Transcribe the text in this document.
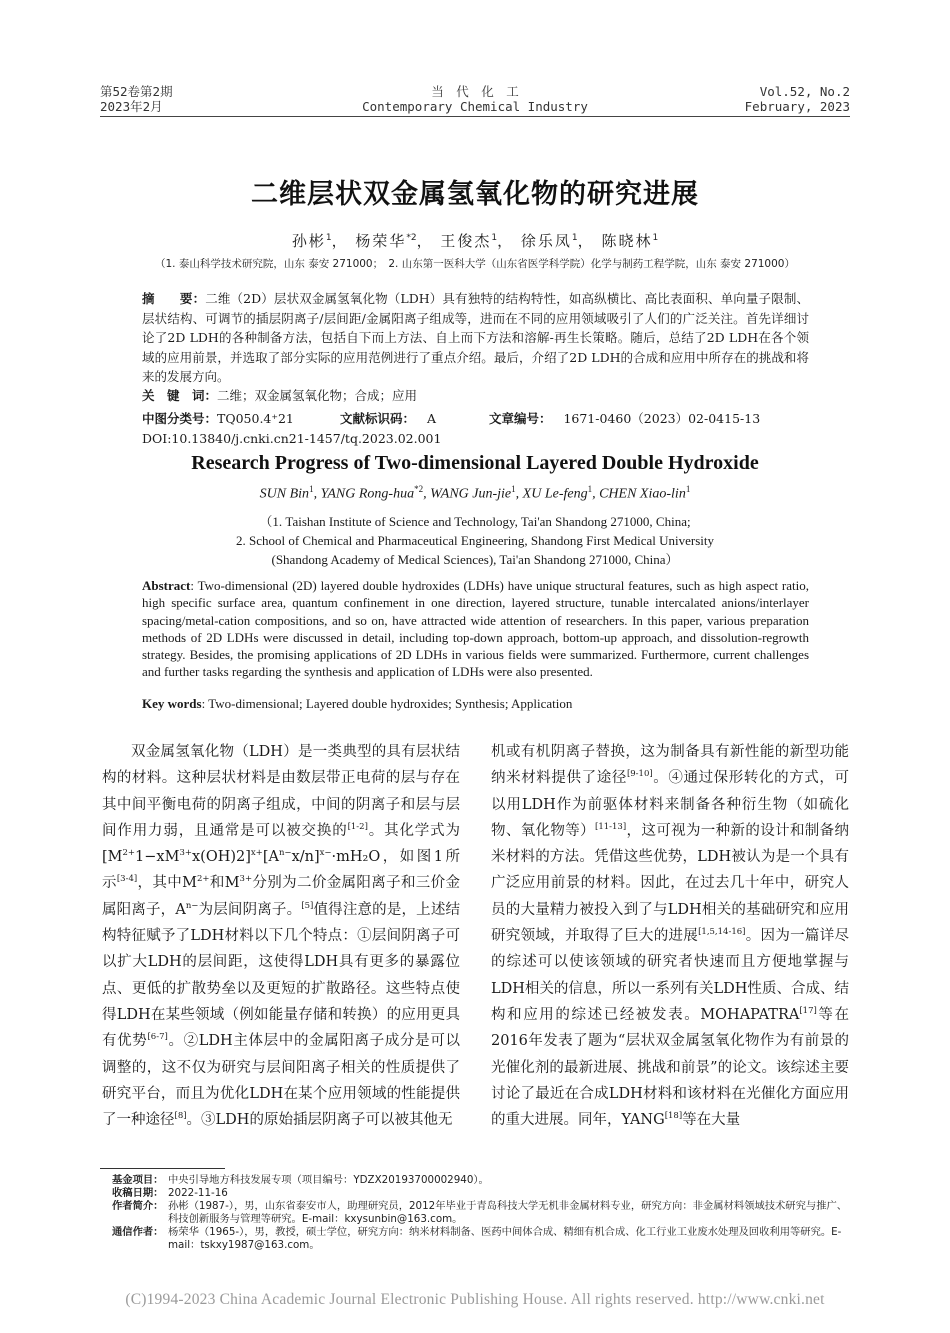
第52卷第2期
2023年2月
当　代　化　工
Contemporary Chemical Industry
Vol.52, No.2
February, 2023
二维层状双金属氢氧化物的研究进展
孙彬$^1$， 杨荣华$^{*2}$， 王俊杰$^1$， 徐乐凤$^1$， 陈晓林$^1$
（1. 泰山科学技术研究院，山东 泰安 271000；　2. 山东第一医科大学（山东省医学科学院）化学与制药工程学院，山东 泰安 271000）
摘　　要：二维（2D）层状双金属氢氧化物（LDH）具有独特的结构特性，如高纵横比、高比表面积、单向量子限制、层状结构、可调节的插层阴离子/层间距/金属阳离子组成等，进而在不同的应用领域吸引了人们的广泛关注。首先详细讨论了2D LDH的各种制备方法，包括自下而上方法、自上而下方法和溶解-再生长策略。随后，总结了2D LDH在各个领域的应用前景，并选取了部分实际的应用范例进行了重点介绍。最后，介绍了2D LDH的合成和应用中所存在的挑战和将来的发展方向。
关　键　词：二维；双金属氢氧化物；合成；应用
中图分类号：TQ050.4⁺21	文献标识码： A	文章编号： 1671-0460（2023）02-0415-13
DOI:10.13840/j.cnki.cn21-1457/tq.2023.02.001
Research Progress of Two-dimensional Layered Double Hydroxide
SUN Bin$^1$, YANG Rong-hua$^{*2}$, WANG Jun-jie$^1$, XU Le-feng$^1$, CHEN Xiao-lin$^1$
（1. Taishan Institute of Science and Technology, Tai'an Shandong 271000, China;
2. School of Chemical and Pharmaceutical Engineering, Shandong First Medical University
(Shandong Academy of Medical Sciences), Tai'an Shandong 271000, China）
Abstract: Two-dimensional (2D) layered double hydroxides (LDHs) have unique structural features, such as high aspect ratio, high specific surface area, quantum confinement in one direction, layered structure, tunable intercalated anions/interlayer spacing/metal-cation compositions, and so on, have attracted wide attention of researchers. In this paper, various preparation methods of 2D LDHs were discussed in detail, including top-down approach, bottom-up approach, and dissolution-regrowth strategy. Besides, the promising applications of 2D LDHs in various fields were summarized. Furthermore, current challenges and further tasks regarding the synthesis and application of LDHs were also presented.
Key words: Two-dimensional; Layered double hydroxides; Synthesis; Application
双金属氢氧化物（LDH）是一类典型的具有层状结构的材料。这种层状材料是由数层带正电荷的层与存在其中间平衡电荷的阴离子组成，中间的阴离子和层与层间作用力弱，且通常是可以被交换的[1-2]。其化学式为$[M^{2+}1-xM^{3+}x(OH)2]^{x+}[A^{n-}x/n]^{x-}\cdot mH_2O$，如图1所示[3-4]，其中$M^{2+}$和$M^{3+}$分别为二价金属阳离子和三价金属阳离子，$A^{n-}$为层间阴离子。[5]值得注意的是，上述结构特征赋予了LDH材料以下几个特点：①层间阴离子可以扩大LDH的层间距，这使得LDH具有更多的暴露位点、更低的扩散势垒以及更短的扩散路径。这些特点使得LDH在某些领域（例如能量存储和转换）的应用更具有优势[6-7]。②LDH主体层中的金属阳离子成分是可以调整的，这不仅为研究与层间阳离子相关的性质提供了研究平台，而且为优化LDH在某个应用领域的性能提供了一种途径[8]。③LDH的原始插层阴离子可以被其他无
机或有机阴离子替换，这为制备具有新性能的新型功能纳米材料提供了途径[9-10]。④通过保形转化的方式，可以用LDH作为前驱体材料来制备各种衍生物（如硫化物、氧化物等）[11-13]，这可视为一种新的设计和制备纳米材料的方法。凭借这些优势，LDH被认为是一个具有广泛应用前景的材料。因此，在过去几十年中，研究人员的大量精力被投入到了与LDH相关的基础研究和应用研究领域，并取得了巨大的进展[1,5,14-16]。因为一篇详尽的综述可以使该领域的研究者快速而且方便地掌握与LDH相关的信息，所以一系列有关LDH性质、合成、结构和应用的综述已经被发表。MOHAPATRA[17]等在2016年发表了题为“层状双金属氢氧化物作为有前景的光催化剂的最新进展、挑战和前景”的论文。该综述主要讨论了最近在合成LDH材料和该材料在光催化方面应用的重大进展。同年，YANG[18]等在大量
基金项目： 中央引导地方科技发展专项（项目编号：YDZX20193700002940）。
收稿日期： 2022-11-16
作者简介： 孙彬（1987-），男，山东省泰安市人，助理研究员，2012年毕业于青岛科技大学无机非金属材料专业，研究方向：非金属材料领域技术研究与推广、科技创新服务与管理等研究。E-mail：kxysunbin@163.com。
通信作者： 杨荣华（1965-），男，教授，硕士学位，研究方向：纳米材料制备、医药中间体合成、精细有机合成、化工行业工业废水处理及回收利用等研究。E-mail：tskxy1987@163.com。
(C)1994-2023 China Academic Journal Electronic Publishing House. All rights reserved. http://www.cnki.net
